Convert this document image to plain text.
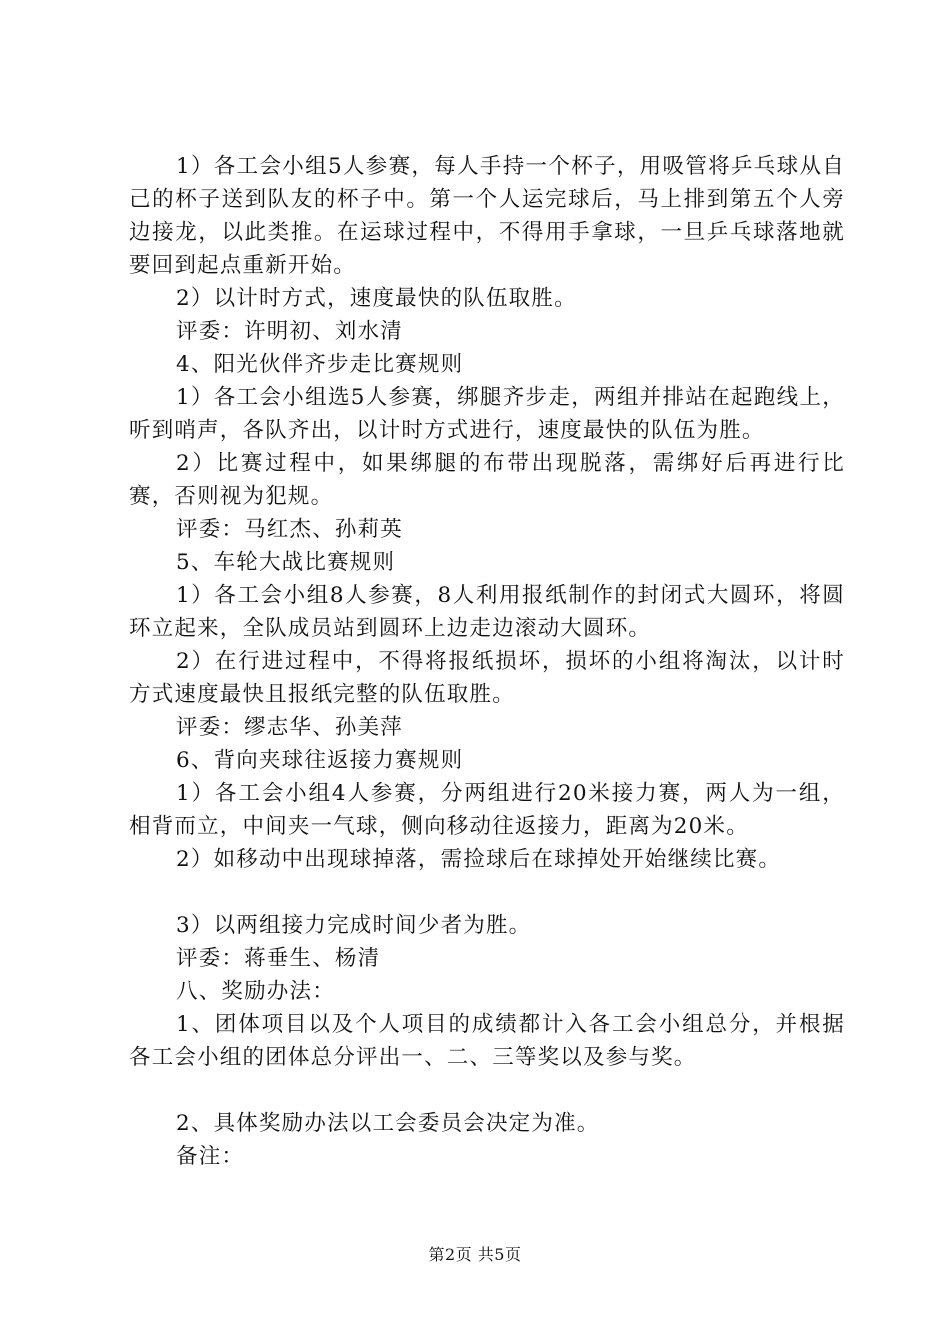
1）各工会小组5人参赛，每人手持一个杯子，用吸管将乒乓球从自己的杯子送到队友的杯子中。第一个人运完球后，马上排到第五个人旁边接龙，以此类推。在运球过程中，不得用手拿球，一旦乒乓球落地就要回到起点重新开始。

2）以计时方式，速度最快的队伍取胜。

评委：许明初、刘水清

4、阳光伙伴齐步走比赛规则

1）各工会小组选5人参赛，绑腿齐步走，两组并排站在起跑线上，听到哨声，各队齐出，以计时方式进行，速度最快的队伍为胜。

2）比赛过程中，如果绑腿的布带出现脱落，需绑好后再进行比赛，否则视为犯规。

评委：马红杰、孙莉英

5、车轮大战比赛规则

1）各工会小组8人参赛，8人利用报纸制作的封闭式大圆环，将圆环立起来，全队成员站到圆环上边走边滚动大圆环。

2）在行进过程中，不得将报纸损坏，损坏的小组将淘汰，以计时方式速度最快且报纸完整的队伍取胜。

评委：缪志华、孙美萍

6、背向夹球往返接力赛规则

1）各工会小组4人参赛，分两组进行20米接力赛，两人为一组，相背而立，中间夹一气球，侧向移动往返接力，距离为20米。

2）如移动中出现球掉落，需捡球后在球掉处开始继续比赛。

3）以两组接力完成时间少者为胜。

评委：蒋垂生、杨清

八、奖励办法：

1、团体项目以及个人项目的成绩都计入各工会小组总分，并根据各工会小组的团体总分评出一、二、三等奖以及参与奖。

2、具体奖励办法以工会委员会决定为准。

备注：

第2页 共5页
